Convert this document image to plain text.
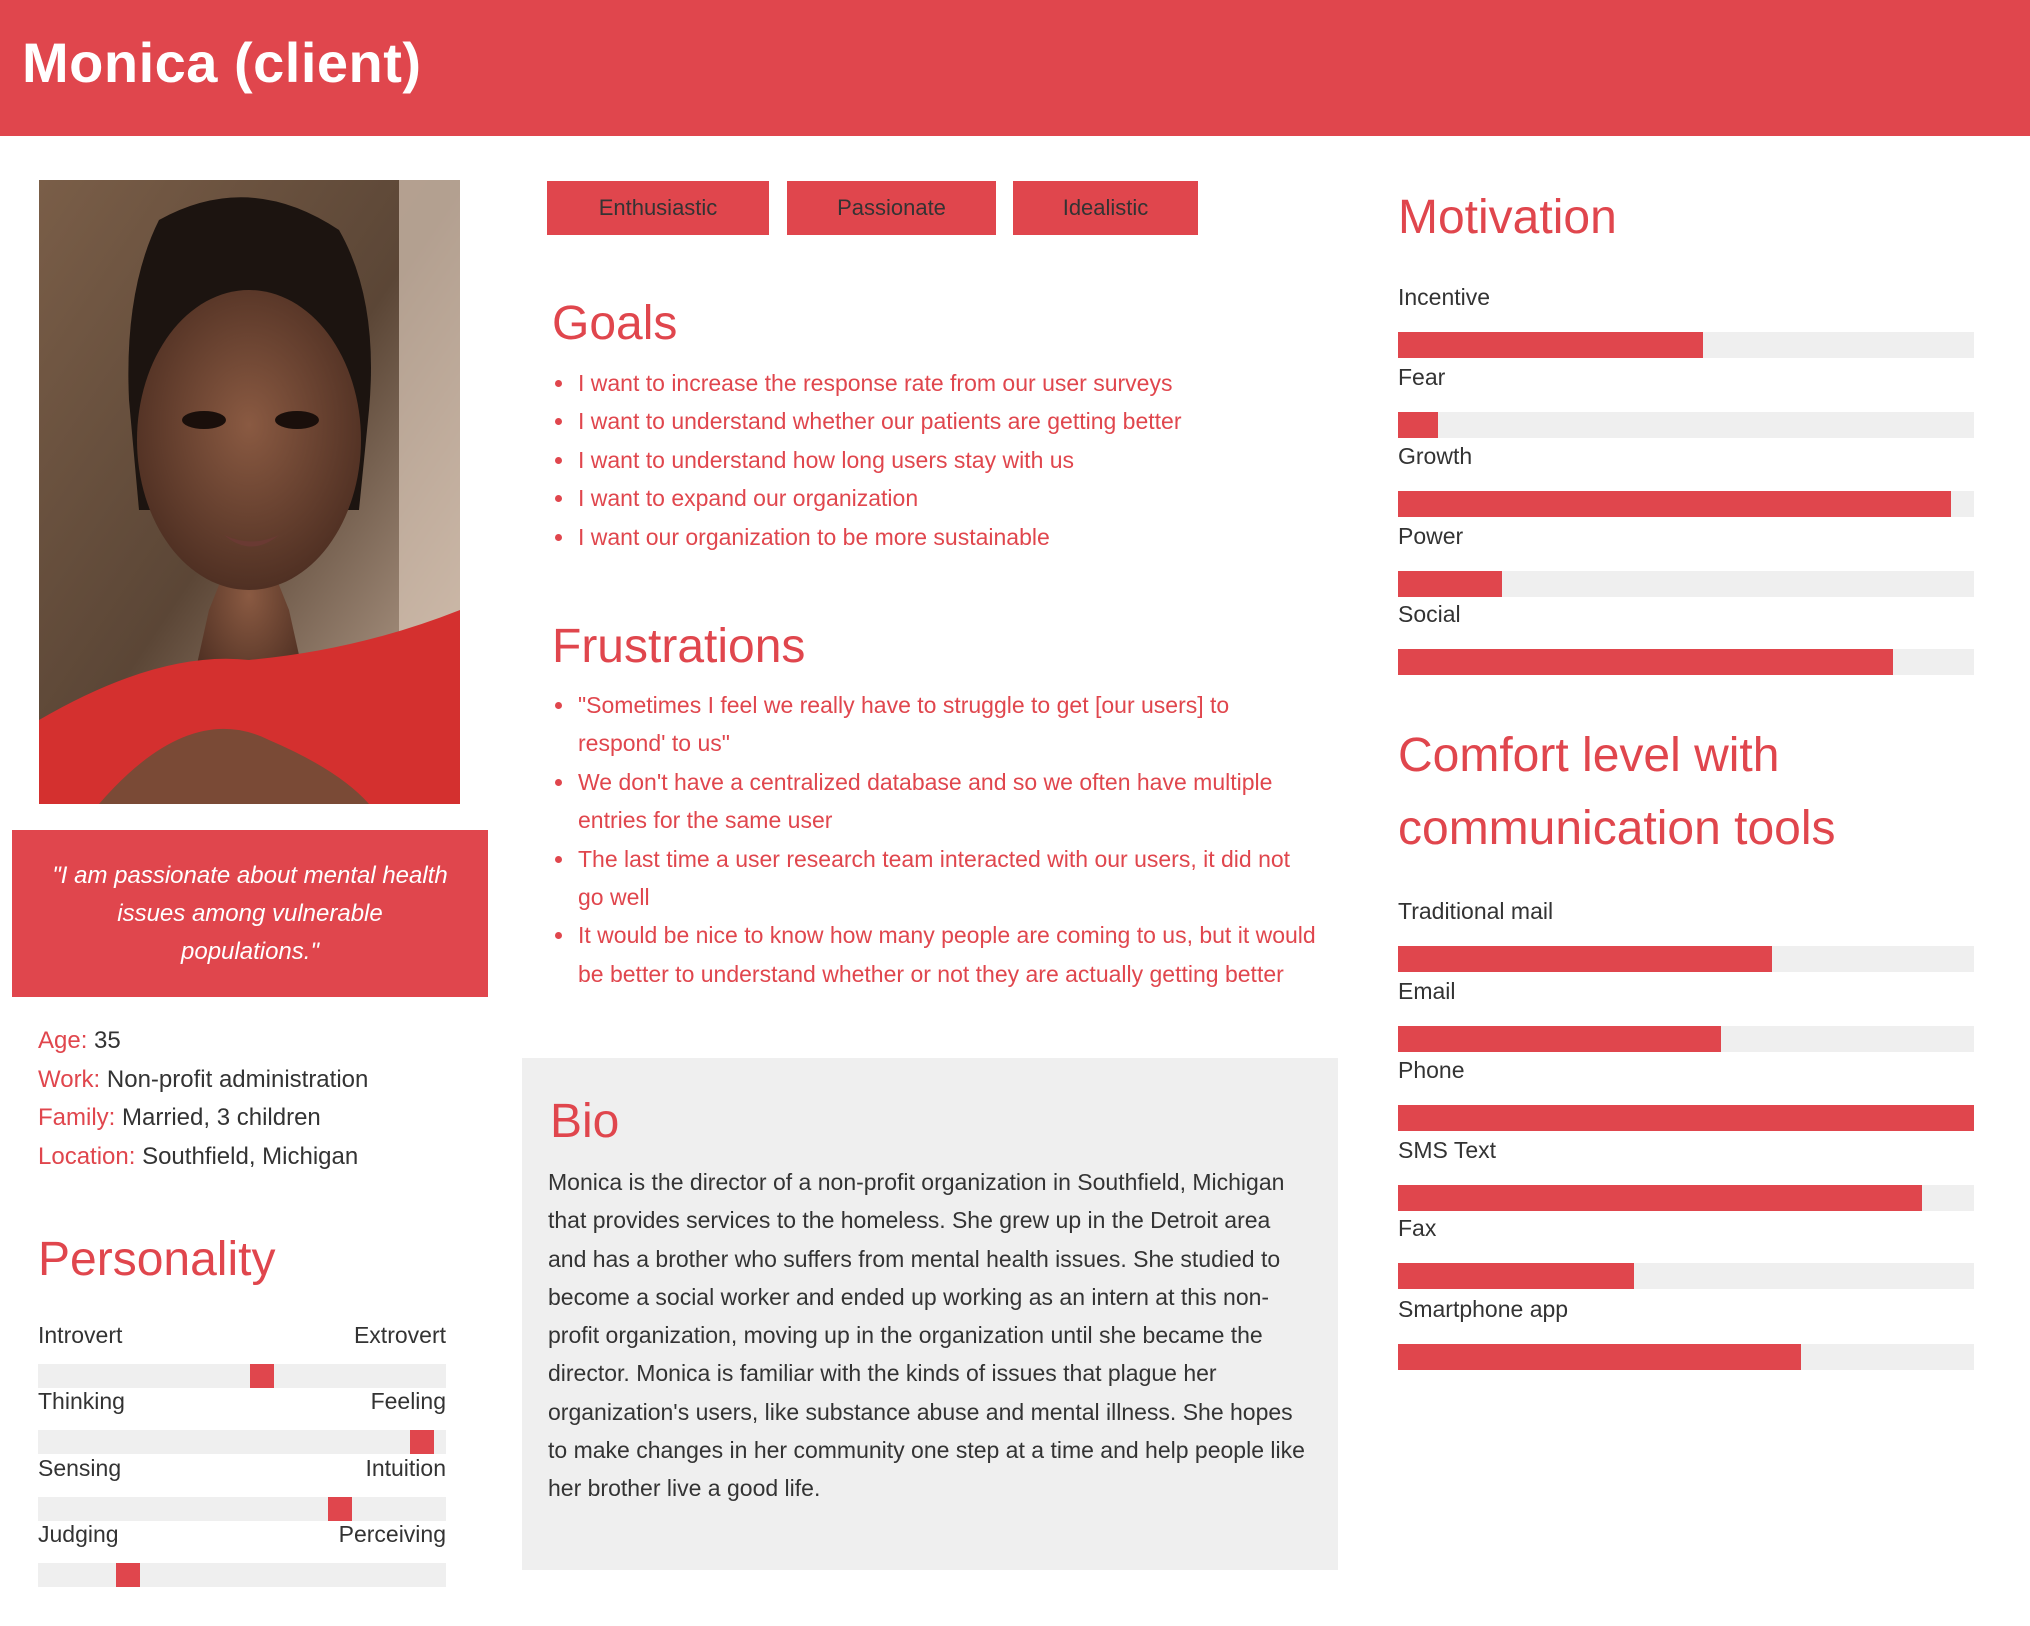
Monica (client)

"I am passionate about mental health issues among vulnerable populations."

Age: 35
Work: Non-profit administration
Family: Married, 3 children
Location: Southfield, Michigan
Personality
Introvert	Extrovert
Thinking	Feeling
Sensing	Intuition
Judging	Perceiving
Enthusiastic	Passionate	Idealistic
Goals
I want to increase the response rate from our user surveys
I want to understand whether our patients are getting better
I want to understand how long users stay with us
I want to expand our organization
I want our organization to be more sustainable
Frustrations
"Sometimes I feel we really have to struggle to get [our users] to respond' to us"
We don't have a centralized database and so we often have multiple entries for the same user
The last time a user research team interacted with our users, it did not go well
It would be nice to know how many people are coming to us, but it would be better to understand whether or not they are actually getting better
Bio

Monica is the director of a non-profit organization in Southfield, Michigan that provides services to the homeless. She grew up in the Detroit area and has a brother who suffers from mental health issues. She studied to become a social worker and ended up working as an intern at this non-profit organization, moving up in the organization until she became the director. Monica is familiar with the kinds of issues that plague her organization's users, like substance abuse and mental illness. She hopes to make changes in her community one step at a time and help people like her brother live a good life.

Motivation
Incentive
Fear
Growth
Power
Social
Comfort level with
communication tools
Traditional mail
Email
Phone
SMS Text
Fax
Smartphone app
